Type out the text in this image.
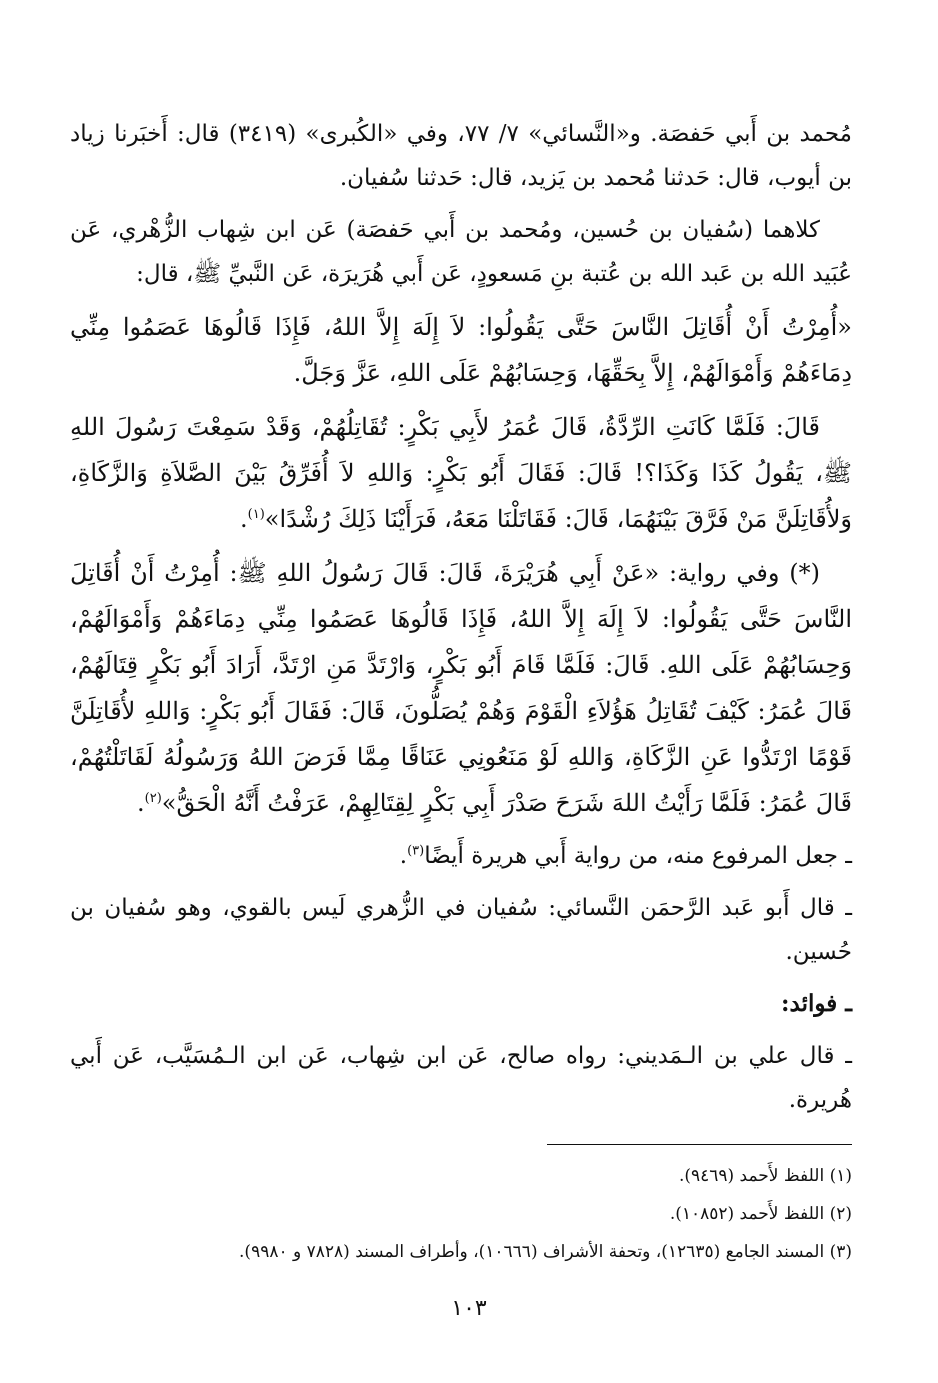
مُحمد بن أَبي حَفصَة. و«النَّسائي» ٧/ ٧٧، وفي «الكُبرى» (٣٤١٩) قال: أَخبَرنا زياد بن أيوب، قال: حَدثنا مُحمد بن يَزيد، قال: حَدثنا سُفيان.

كلاهما (سُفيان بن حُسين، ومُحمد بن أَبي حَفصَة) عَن ابن شِهاب الزُّهْري، عَن عُبَيد الله بن عَبد الله بن عُتبة بنِ مَسعودٍ، عَن أَبي هُرَيرَة، عَن النَّبيِّ ﷺ، قال:

«أُمِرْتُ أَنْ أُقَاتِلَ النَّاسَ حَتَّى يَقُولُوا: لاَ إِلَهَ إِلاَّ اللهُ، فَإِذَا قَالُوهَا عَصَمُوا مِنِّي دِمَاءَهُمْ وَأَمْوَالَهُمْ، إِلاَّ بِحَقِّهَا، وَحِسَابُهُمْ عَلَى اللهِ، عَزَّ وَجَلَّ.

قَالَ: فَلَمَّا كَانَتِ الرِّدَّةُ، قَالَ عُمَرُ لأَبِي بَكْرٍ: تُقَاتِلُهُمْ، وَقَدْ سَمِعْتَ رَسُولَ اللهِ ﷺ، يَقُولُ كَذَا وَكَذَا؟! قَالَ: فَقَالَ أَبُو بَكْرٍ: وَاللهِ لاَ أُفَرِّقُ بَيْنَ الصَّلاَةِ وَالزَّكَاةِ، وَلأُقَاتِلَنَّ مَنْ فَرَّقَ بَيْنَهُمَا، قَالَ: فَقَاتَلْنَا مَعَهُ، فَرَأَيْنَا ذَلِكَ رُشْدًا»$^{(١)}$.

(*) وفي رواية: «عَنْ أَبِي هُرَيْرَةَ، قَالَ: قَالَ رَسُولُ اللهِ ﷺ: أُمِرْتُ أَنْ أُقَاتِلَ النَّاسَ حَتَّى يَقُولُوا: لاَ إِلَهَ إِلاَّ اللهُ، فَإِذَا قَالُوهَا عَصَمُوا مِنِّي دِمَاءَهُمْ وَأَمْوَالَهُمْ، وَحِسَابُهُمْ عَلَى اللهِ. قَالَ: فَلَمَّا قَامَ أَبُو بَكْرٍ، وَارْتَدَّ مَنِ ارْتَدَّ، أَرَادَ أَبُو بَكْرٍ قِتَالَهُمْ، قَالَ عُمَرُ: كَيْفَ تُقَاتِلُ هَؤُلاَءِ الْقَوْمَ وَهُمْ يُصَلُّونَ، قَالَ: فَقَالَ أَبُو بَكْرٍ: وَاللهِ لأُقَاتِلَنَّ قَوْمًا ارْتَدُّوا عَنِ الزَّكَاةِ، وَاللهِ لَوْ مَنَعُونِي عَنَاقًا مِمَّا فَرَضَ اللهُ وَرَسُولُهُ لَقَاتَلْتُهُمْ، قَالَ عُمَرُ: فَلَمَّا رَأَيْتُ اللهَ شَرَحَ صَدْرَ أَبِي بَكْرٍ لِقِتَالِهِمْ، عَرَفْتُ أَنَّهُ الْحَقُّ»$^{(٢)}$.

ـ جعل المرفوع منه، من رواية أَبي هريرة أَيضًا$^{(٣)}$.

ـ قال أَبو عَبد الرَّحمَن النَّسائي: سُفيان في الزُّهري لَيس بالقوي، وهو سُفيان بن حُسين.

ـ فوائد:

ـ قال علي بن الـمَديني: رواه صالح، عَن ابن شِهاب، عَن ابن الـمُسَيَّب، عَن أَبي هُريرة.

(١) اللفظ لأَحمد (٩٤٦٩).

(٢) اللفظ لأَحمد (١٠٨٥٢).

(٣) المسند الجامع (١٢٦٣٥)، وتحفة الأشراف (١٠٦٦٦)، وأطراف المسند (٧٨٢٨ و ٩٩٨٠).

١٠٣
